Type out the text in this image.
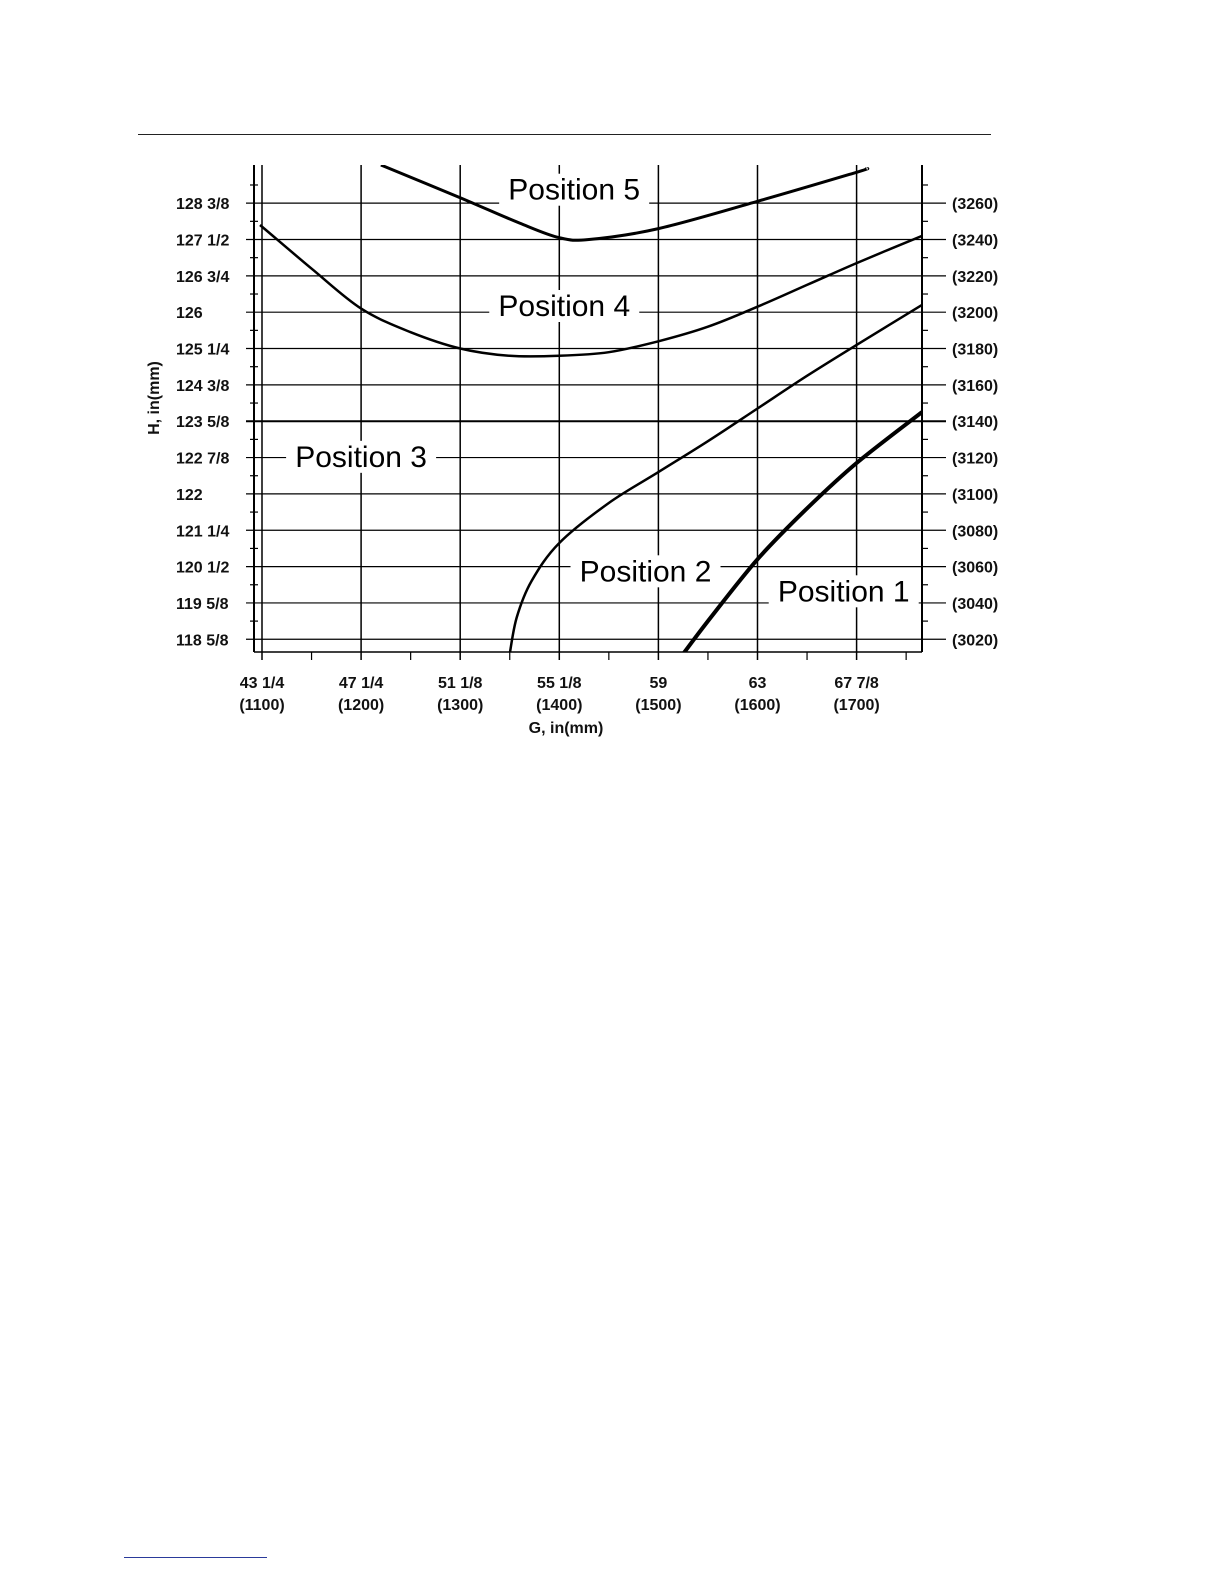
118 5/8	(3020)
119 5/8	(3040)
120 1/2	(3060)
121 1/4	(3080)
122	(3100)
122 7/8	(3120)
123 5/8	(3140)
124 3/8	(3160)
125 1/4	(3180)
126	(3200)
126 3/4	(3220)
127 1/2	(3240)
128 3/8	(3260)
43 1/4
(1100)
47 1/4
(1200)
51 1/8
(1300)
55 1/8
(1400)
59
(1500)
63
(1600)
67 7/8
(1700)
G, in(mm)
H, in(mm)
Position 5
Position 4
Position 3
Position 2
Position 1
